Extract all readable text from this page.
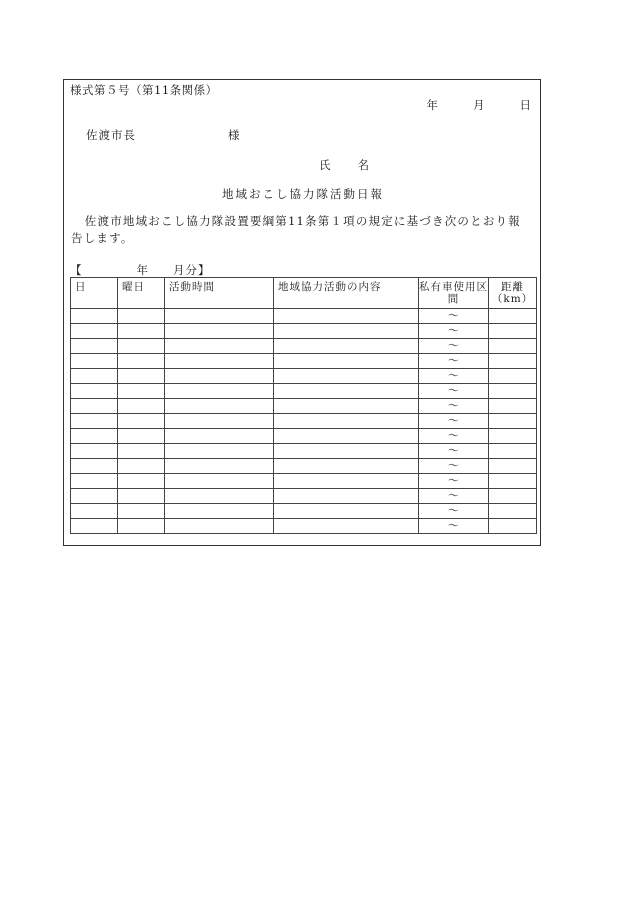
様式第５号（第11条関係）
年	月	日
佐渡市長	様
氏 名
地域おこし協力隊活動日報
佐渡市地域おこし協力隊設置要綱第11条第１項の規定に基づき次のとおり報告します。
【	年 月分】
日	曜日	活動時間	地域協力活動の内容	私有車使用区間	距離（km）
				～	
				～	
				～	
				～	
				～	
				～	
				～	
				～	
				～	
				～	
				～	
				～	
				～	
				～	
				～	
